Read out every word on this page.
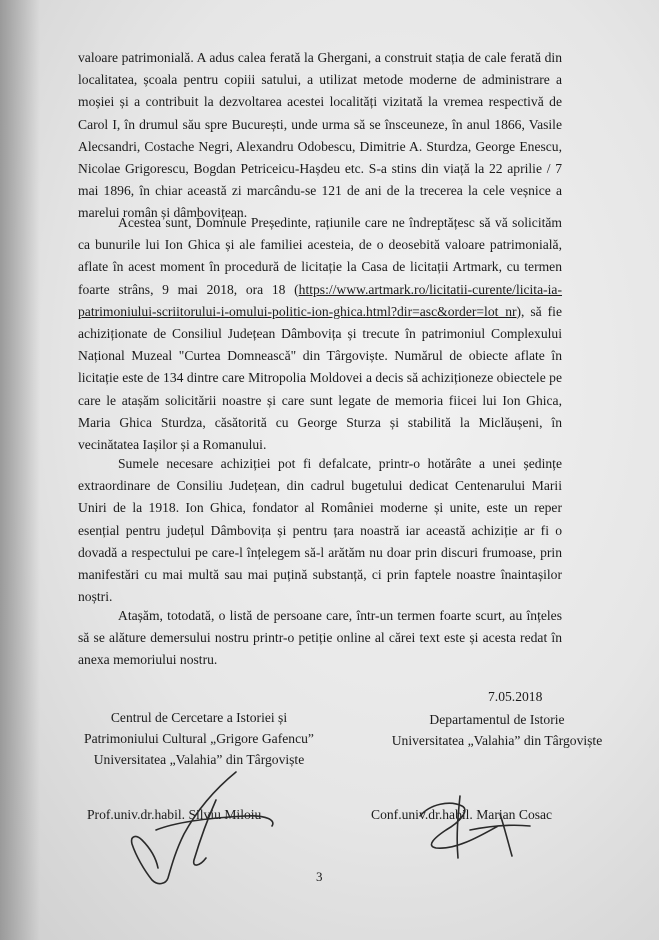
valoare patrimonială. A adus calea ferată la Ghergani, a construit stația de cale ferată din localitatea, școala pentru copiii satului, a utilizat metode moderne de administrare a moșiei și a contribuit la dezvoltarea acestei localități vizitată la vremea respectivă de Carol I, în drumul său spre București, unde urma să se însceuneze, în anul 1866, Vasile Alecsandri, Costache Negri, Alexandru Odobescu, Dimitrie A. Sturdza, George Enescu, Nicolae Grigorescu, Bogdan Petriceicu-Hașdeu etc. S-a stins din viață la 22 aprilie / 7 mai 1896, în chiar această zi marcându-se 121 de ani de la trecerea la cele veșnice a marelui român și dâmbovițean.

Acestea sunt, Domnule Președinte, rațiunile care ne îndreptățesc să vă solicităm ca bunurile lui Ion Ghica și ale familiei acesteia, de o deosebită valoare patrimonială, aflate în acest moment în procedură de licitație la Casa de licitații Artmark, cu termen foarte strâns, 9 mai 2018, ora 18 (https://www.artmark.ro/licitatii-curente/licita-ia-patrimoniului-scriitorului-i-omului-politic-ion-ghica.html?dir=asc&order=lot_nr), să fie achiziționate de Consiliul Județean Dâmbovița și trecute în patrimoniul Complexului Național Muzeal "Curtea Domnească" din Târgoviște. Numărul de obiecte aflate în licitație este de 134 dintre care Mitropolia Moldovei a decis să achiziționeze obiectele pe care le atașăm solicitării noastre și care sunt legate de memoria fiicei lui Ion Ghica, Maria Ghica Sturdza, căsătorită cu George Sturza și stabilită la Miclăușeni, în vecinătatea Iașilor și a Romanului.

Sumele necesare achiziției pot fi defalcate, printr-o hotărâte a unei ședințe extraordinare de Consiliu Județean, din cadrul bugetului dedicat Centenarului Marii Uniri de la 1918. Ion Ghica, fondator al României moderne și unite, este un reper esențial pentru județul Dâmbovița și pentru țara noastră iar această achiziție ar fi o dovadă a respectului pe care-l înțelegem să-l arătăm nu doar prin discuri frumoase, prin manifestări cu mai multă sau mai puțină substanță, ci prin faptele noastre înaintașilor noștri.

Atașăm, totodată, o listă de persoane care, într-un termen foarte scurt, au înțeles să se alăture demersului nostru printr-o petiție online al cărei text este și acesta redat în anexa memoriului nostru.

7.05.2018
Centrul de Cercetare a Istoriei și
Patrimoniului Cultural „Grigore Gafencu”
Universitatea „Valahia” din Târgoviște
Departamentul de Istorie
Universitatea „Valahia” din Târgoviște
Prof.univ.dr.habil. Silviu Miloiu	Conf.univ.dr.habil. Marian Cosac
3
